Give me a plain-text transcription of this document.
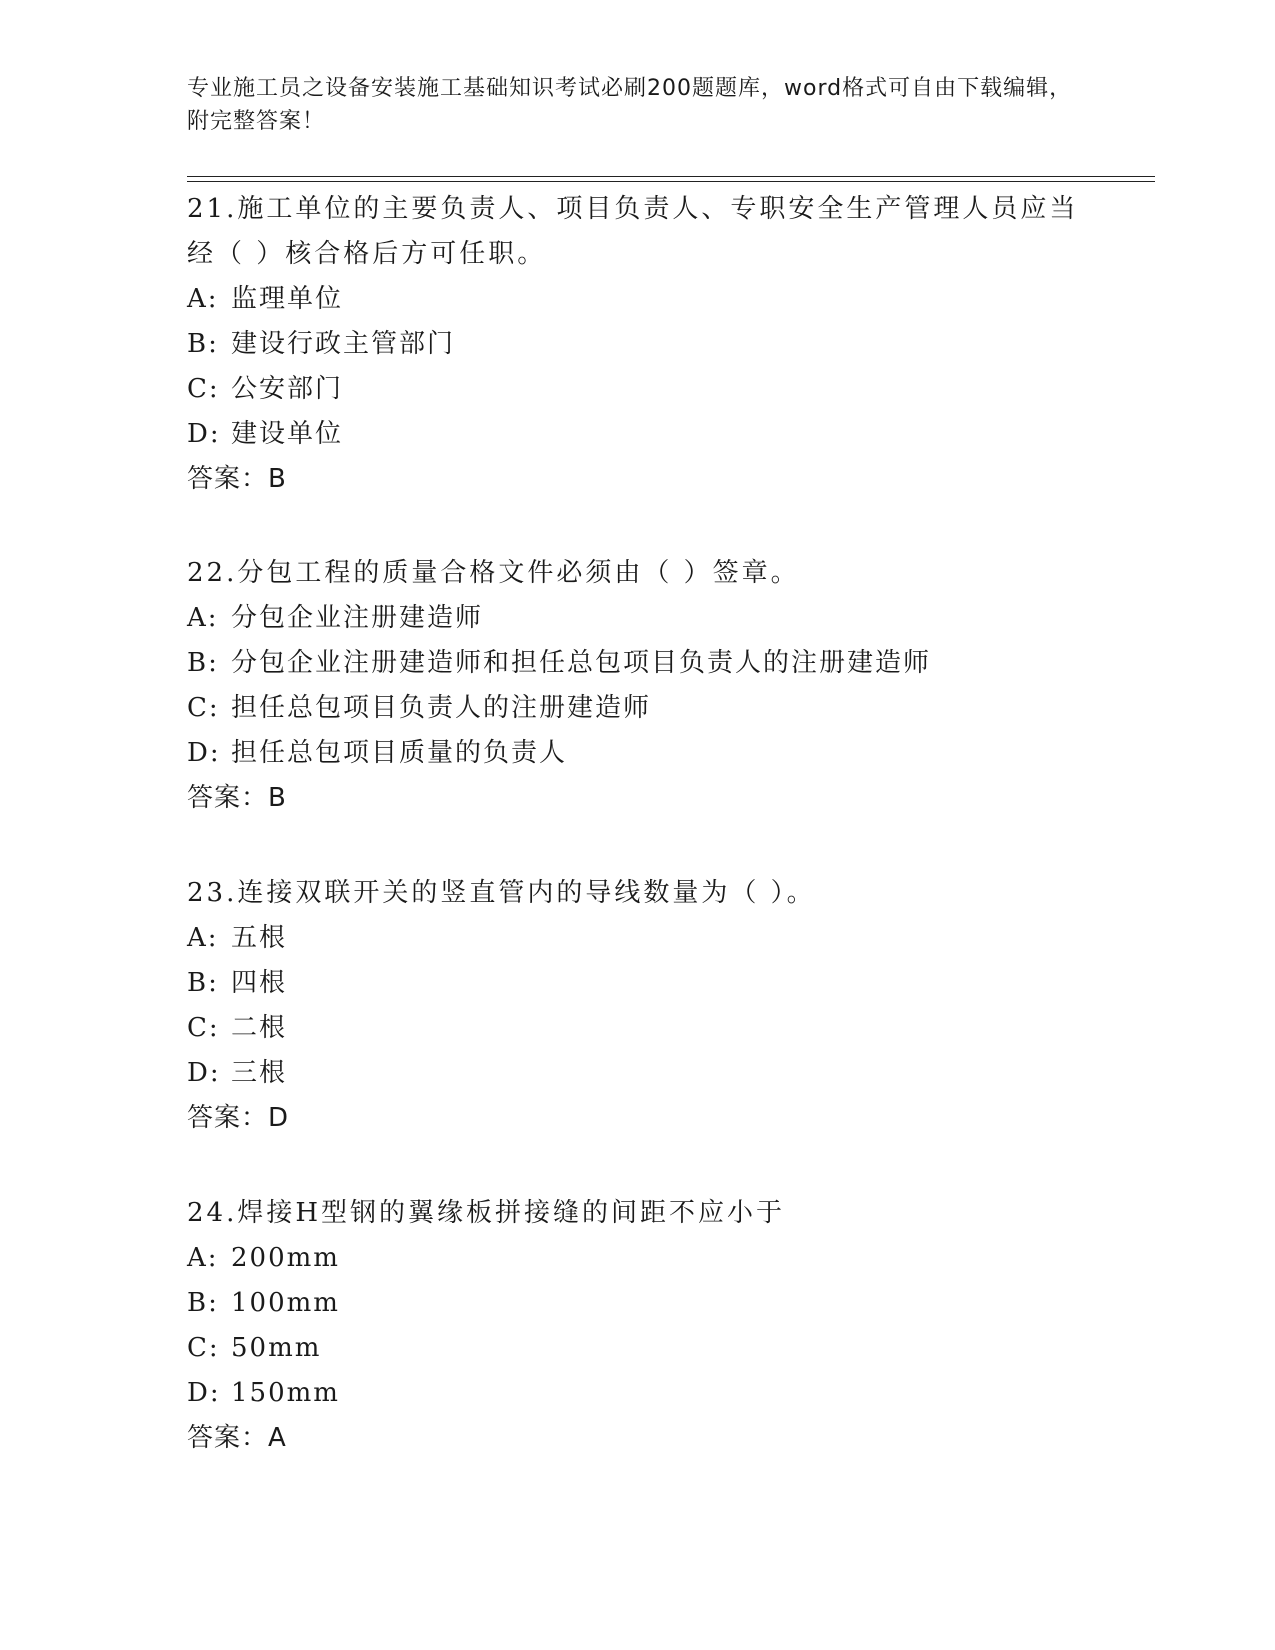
专业施工员之设备安装施工基础知识考试必刷200题题库，word格式可自由下载编辑，附完整答案！

21.施工单位的主要负责人、项目负责人、专职安全生产管理人员应当经（ ）核合格后方可任职。

A: 监理单位
B: 建设行政主管部门
C: 公安部门
D: 建设单位
答案：B

22.分包工程的质量合格文件必须由（ ）签章。

A: 分包企业注册建造师
B: 分包企业注册建造师和担任总包项目负责人的注册建造师
C: 担任总包项目负责人的注册建造师
D: 担任总包项目质量的负责人
答案：B

23.连接双联开关的竖直管内的导线数量为（ ）。

A: 五根
B: 四根
C: 二根
D: 三根
答案：D

24.焊接H型钢的翼缘板拼接缝的间距不应小于

A: 200mm
B: 100mm
C: 50mm
D: 150mm
答案：A
